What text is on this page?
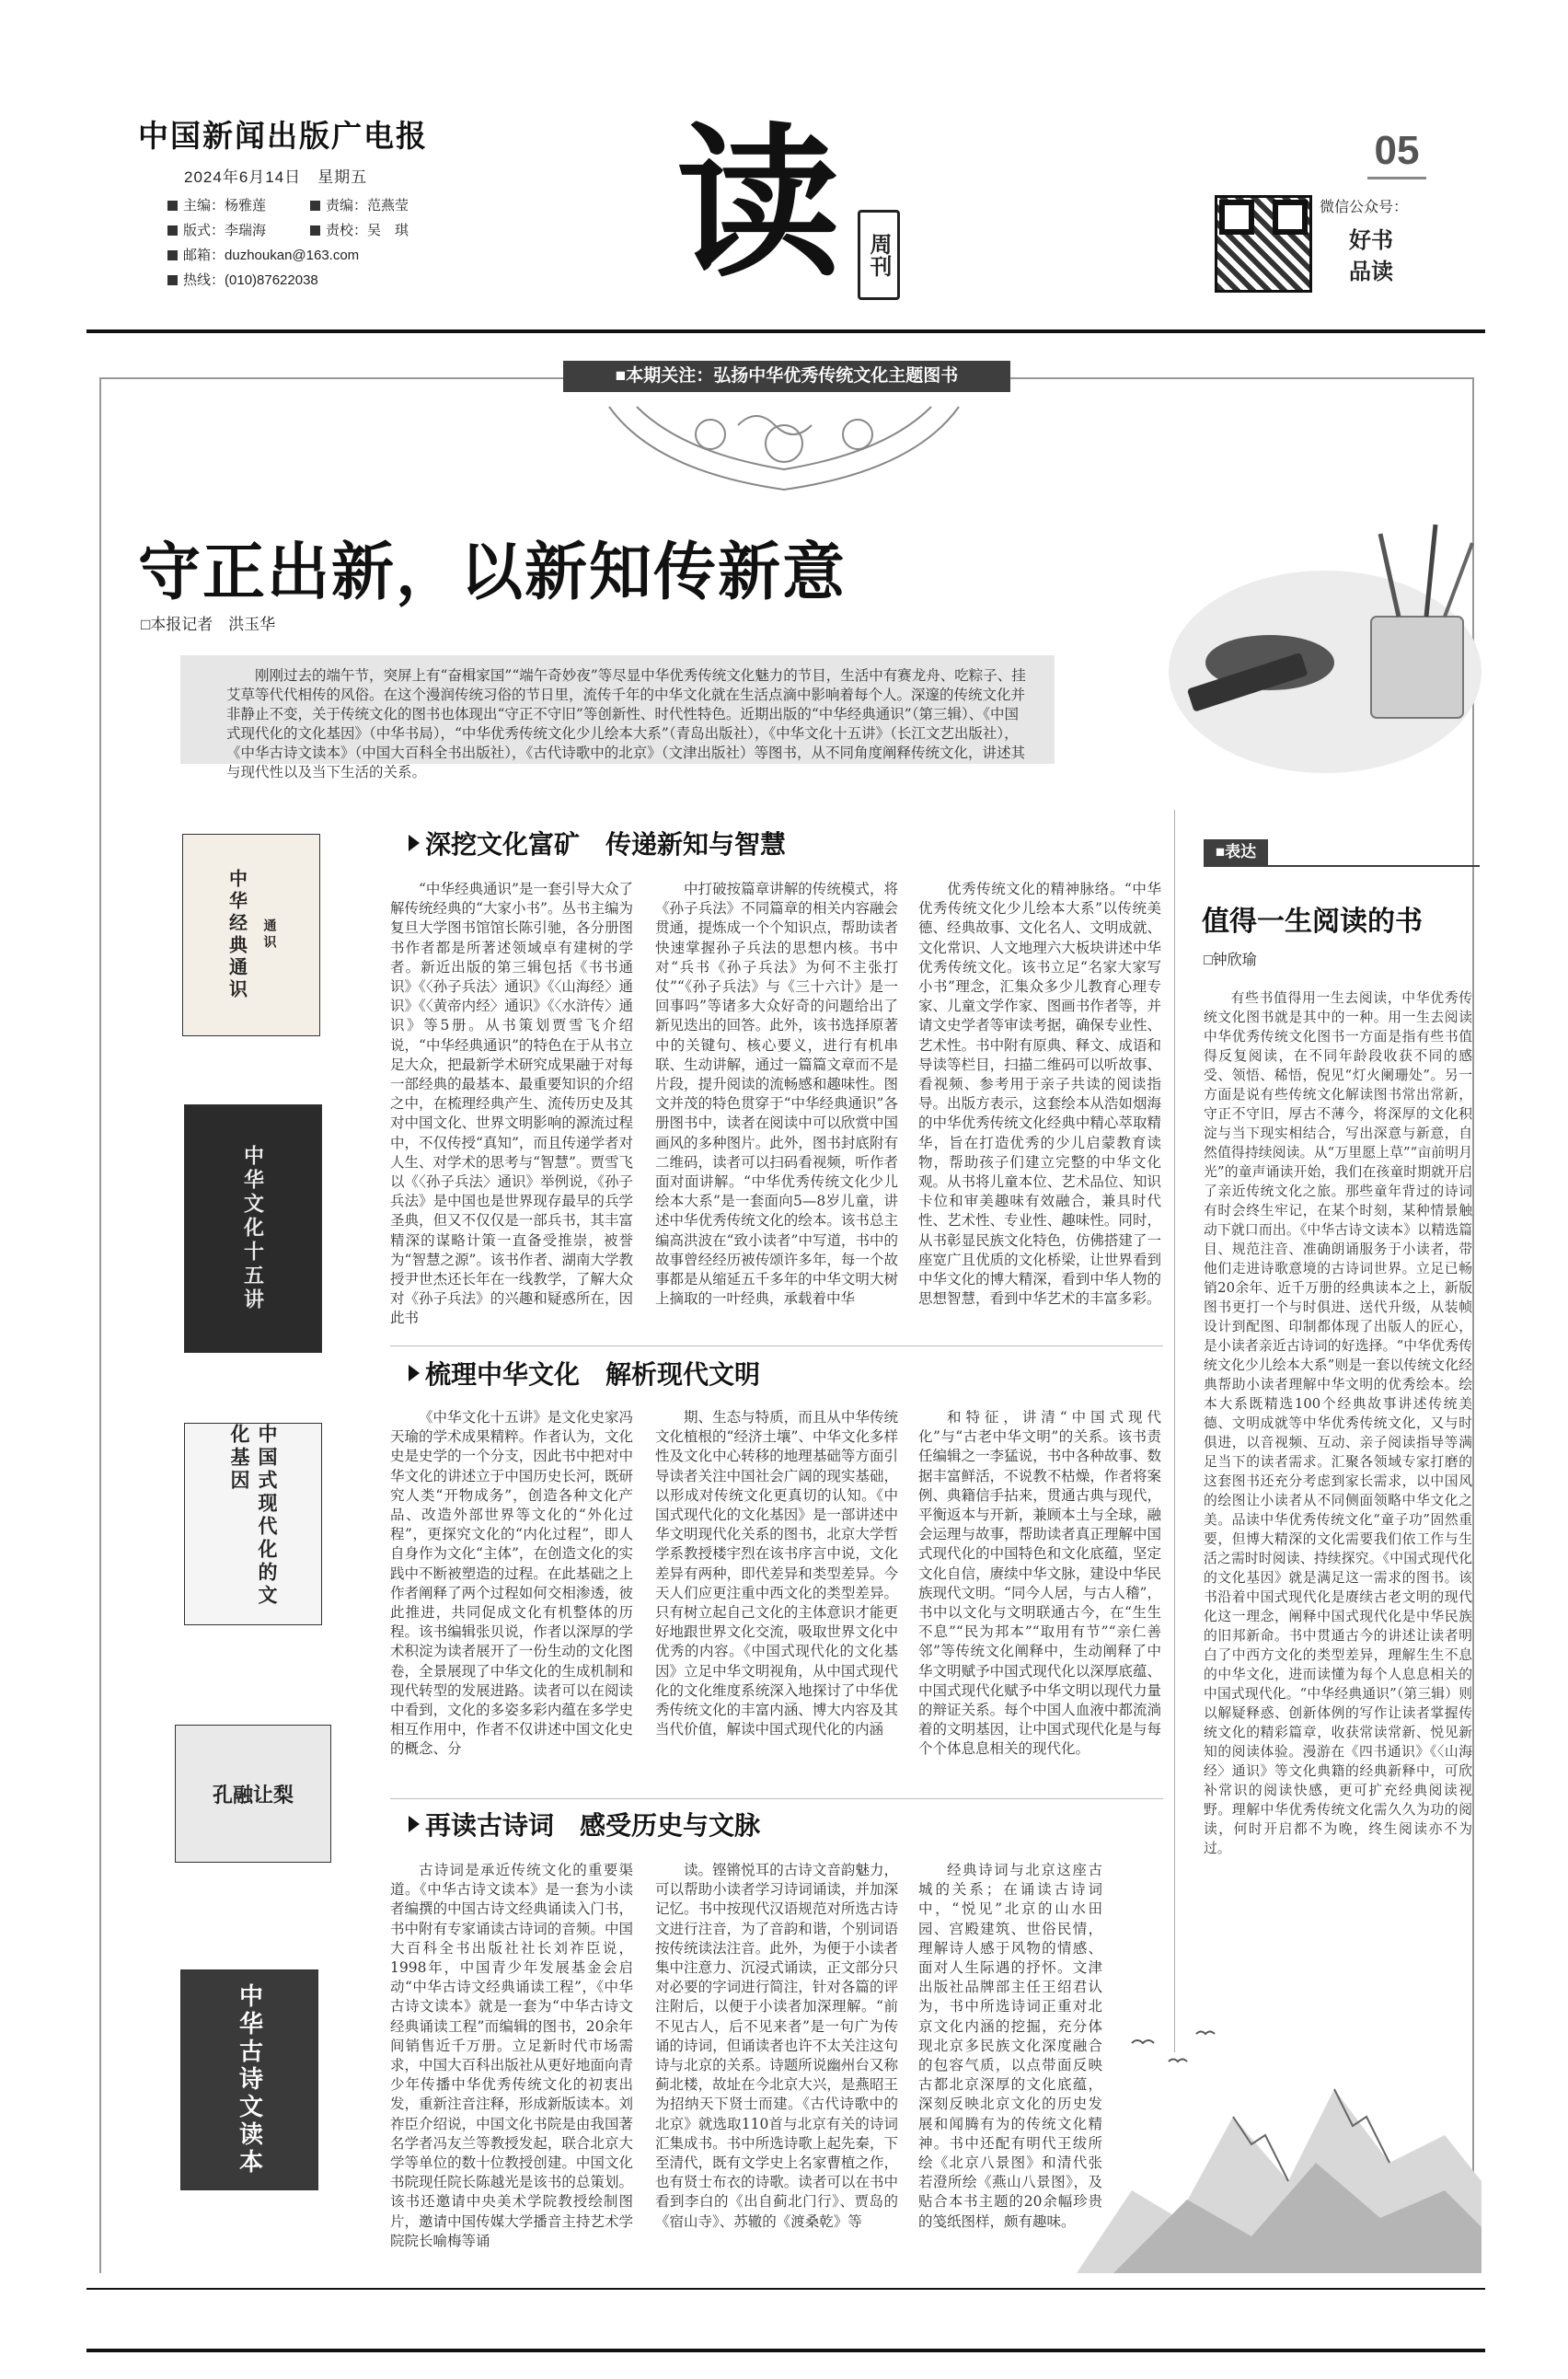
中国新闻出版广电报
2024年6月14日　星期五
主编：杨雅莲	责编：范燕莹
版式：李瑞海	责校：吴　琪
邮箱：duzhoukan@163.com
热线：(010)87622038	读	周刊
05
微信公众号：
好书品读
■本期关注：弘扬中华优秀传统文化主题图书
守正出新，以新知传新意
□本报记者　洪玉华
刚刚过去的端午节，突屏上有“奋楫家国”“端午奇妙夜”等尽显中华优秀传统文化魅力的节目，生活中有赛龙舟、吃粽子、挂艾草等代代相传的风俗。在这个漫润传统习俗的节日里，流传千年的中华文化就在生活点滴中影响着每个人。深邃的传统文化并非静止不变，关于传统文化的图书也体现出“守正不守旧”等创新性、时代性特色。近期出版的“中华经典通识”（第三辑）、《中国式现代化的文化基因》（中华书局），“中华优秀传统文化少儿绘本大系”（青岛出版社），《中华文化十五讲》（长江文艺出版社），《中华古诗文读本》（中国大百科全书出版社），《古代诗歌中的北京》（文津出版社）等图书，从不同角度阐释传统文化，讲述其与现代性以及当下生活的关系。
中华经典通识 通识
中华文化十五讲
中国式现代化的文化基因
孔融让梨
中华古诗文读本
深挖文化富矿　传递新知与智慧

“中华经典通识”是一套引导大众了解传统经典的“大家小书”。丛书主编为复旦大学图书馆馆长陈引驰，各分册图书作者都是所著述领域卓有建树的学者。新近出版的第三辑包括《书书通识》《〈孙子兵法〉通识》《〈山海经〉通识》《〈黄帝内经〉通识》《〈水浒传〉通识》等5册。从书策划贾雪飞介绍说，“中华经典通识”的特色在于从书立足大众，把最新学术研究成果融于对每一部经典的最基本、最重要知识的介绍之中，在梳理经典产生、流传历史及其对中国文化、世界文明影响的源流过程中，不仅传授“真知”，而且传递学者对人生、对学术的思考与“智慧”。贾雪飞以《〈孙子兵法〉通识》举例说，《孙子兵法》是中国也是世界现存最早的兵学圣典，但又不仅仅是一部兵书，其丰富精深的谋略计策一直备受推崇，被誉为“智慧之源”。该书作者、湖南大学教授尹世杰还长年在一线教学，了解大众对《孙子兵法》的兴趣和疑惑所在，因此书

中打破按篇章讲解的传统模式，将《孙子兵法》不同篇章的相关内容融会贯通，提炼成一个个知识点，帮助读者快速掌握孙子兵法的思想内核。书中对“兵书《孙子兵法》为何不主张打仗”“《孙子兵法》与《三十六计》是一回事吗”等诸多大众好奇的问题给出了新见迭出的回答。此外，该书选择原著中的关键句、核心要义，进行有机串联、生动讲解，通过一篇篇文章而不是片段，提升阅读的流畅感和趣味性。图文并茂的特色贯穿于“中华经典通识”各册图书中，读者在阅读中可以欣赏中国画风的多种图片。此外，图书封底附有二维码，读者可以扫码看视频，听作者面对面讲解。“中华优秀传统文化少儿绘本大系”是一套面向5—8岁儿童，讲述中华优秀传统文化的绘本。该书总主编高洪波在“致小读者”中写道，书中的故事曾经经历被传颂许多年，每一个故事都是从缩延五千多年的中华文明大树上摘取的一叶经典，承载着中华

优秀传统文化的精神脉络。“中华优秀传统文化少儿绘本大系”以传统美德、经典故事、文化名人、文明成就、文化常识、人文地理六大板块讲述中华优秀传统文化。该书立足“名家大家写小书”理念，汇集众多少儿教育心理专家、儿童文学作家、图画书作者等，并请文史学者等审读考据，确保专业性、艺术性。书中附有原典、释文、成语和导读等栏目，扫描二维码可以听故事、看视频、参考用于亲子共读的阅读指导。出版方表示，这套绘本从浩如烟海的中华优秀传统文化经典中精心萃取精华，旨在打造优秀的少儿启蒙教育读物，帮助孩子们建立完整的中华文化观。从书将儿童本位、艺术品位、知识卡位和审美趣味有效融合，兼具时代性、艺术性、专业性、趣味性。同时，从书彰显民族文化特色，仿佛搭建了一座宽广且优质的文化桥梁，让世界看到中华文化的博大精深，看到中华人物的思想智慧，看到中华艺术的丰富多彩。

梳理中华文化　解析现代文明

《中华文化十五讲》是文化史家冯天瑜的学术成果精粹。作者认为，文化史是史学的一个分支，因此书中把对中华文化的讲述立于中国历史长河，既研究人类“开物成务”，创造各种文化产品、改造外部世界等文化的“外化过程”，更探究文化的“内化过程”，即人自身作为文化“主体”，在创造文化的实践中不断被塑造的过程。在此基础之上作者阐释了两个过程如何交相渗透，彼此推进，共同促成文化有机整体的历程。该书编辑张贝说，作者以深厚的学术积淀为读者展开了一份生动的文化图卷，全景展现了中华文化的生成机制和现代转型的发展进路。读者可以在阅读中看到，文化的多姿多彩内蕴在多学史相互作用中，作者不仅讲述中国文化史的概念、分

期、生态与特质，而且从中华传统文化植根的“经济土壤”、中华文化多样性及文化中心转移的地理基础等方面引导读者关注中国社会广阔的现实基础，以形成对传统文化更真切的认知。《中国式现代化的文化基因》是一部讲述中华文明现代化关系的图书，北京大学哲学系教授楼宇烈在该书序言中说，文化差异有两种，即代差异和类型差异。今天人们应更注重中西文化的类型差异。只有树立起自己文化的主体意识才能更好地跟世界文化交流，吸取世界文化中优秀的内容。《中国式现代化的文化基因》立足中华文明视角，从中国式现代化的文化维度系统深入地探讨了中华优秀传统文化的丰富内涵、博大内容及其当代价值，解读中国式现代化的内涵

和特征，讲清“中国式现代化”与“古老中华文明”的关系。该书责任编辑之一李猛说，书中各种故事、数据丰富鲜活，不说教不枯燥，作者将案例、典籍信手拈来，贯通古典与现代，平衡返本与开新，兼顾本土与全球，融会运理与故事，帮助读者真正理解中国式现代化的中国特色和文化底蕴，坚定文化自信，赓续中华文脉，建设中华民族现代文明。“同今人居，与古人稽”，书中以文化与文明联通古今，在“生生不息”“民为邦本”“取用有节”“亲仁善邻”等传统文化阐释中，生动阐释了中华文明赋予中国式现代化以深厚底蕴、中国式现代化赋予中华文明以现代力量的辩证关系。每个中国人血液中都流淌着的文明基因，让中国式现代化是与每个个体息息相关的现代化。

再读古诗词　感受历史与文脉

古诗词是承近传统文化的重要渠道。《中华古诗文读本》是一套为小读者编撰的中国古诗文经典诵读入门书，书中附有专家诵读古诗词的音频。中国大百科全书出版社社长刘祚臣说，1998年，中国青少年发展基金会启动“中华古诗文经典诵读工程”，《中华古诗文读本》就是一套为“中华古诗文经典诵读工程”而编辑的图书，20余年间销售近千万册。立足新时代市场需求，中国大百科出版社从更好地面向青少年传播中华优秀传统文化的初衷出发，重新注音注释，形成新版读本。刘祚臣介绍说，中国文化书院是由我国著名学者冯友兰等教授发起，联合北京大学等单位的数十位教授创建。中国文化书院现任院长陈越光是该书的总策划。该书还邀请中央美术学院教授绘制图片，邀请中国传媒大学播音主持艺术学院院长喻梅等诵

读。铿锵悦耳的古诗文音韵魅力，可以帮助小读者学习诗词诵读，并加深记忆。书中按现代汉语规范对所选古诗文进行注音，为了音韵和谐，个别词语按传统读法注音。此外，为便于小读者集中注意力、沉浸式诵读，正文部分只对必要的字词进行简注，针对各篇的评注附后，以便于小读者加深理解。“前不见古人，后不见来者”是一句广为传诵的诗词，但诵读者也许不太关注这句诗与北京的关系。诗题所说幽州台又称蓟北楼，故址在今北京大兴，是燕昭王为招纳天下贤士而建。《古代诗歌中的北京》就选取110首与北京有关的诗词汇集成书。书中所选诗歌上起先秦，下至清代，既有文学史上名家曹植之作，也有贤士布衣的诗歌。读者可以在书中看到李白的《出自蓟北门行》、贾岛的《宿山寺》、苏辙的《渡桑乾》等

经典诗词与北京这座古城的关系；在诵读古诗词中，“悦见”北京的山水田园、宫殿建筑、世俗民情，理解诗人感于风物的情感、面对人生际遇的抒怀。文津出版社品牌部主任王绍君认为，书中所选诗词正重对北京文化内涵的挖掘，充分体现北京多民族文化深度融合的包容气质，以点带面反映古都北京深厚的文化底蕴，深刻反映北京文化的历史发展和闻腾有为的传统文化精神。书中还配有明代王绂所绘《北京八景图》和清代张若澄所绘《燕山八景图》，及贴合本书主题的20余幅珍贵的笺纸图样，颇有趣味。

■表达
值得一生阅读的书
□钟欣瑜

有些书值得用一生去阅读，中华优秀传统文化图书就是其中的一种。用一生去阅读中华优秀传统文化图书一方面是指有些书值得反复阅读，在不同年龄段收获不同的感受、领悟、稀悟，倪见“灯火阑珊处”。另一方面是说有些传统文化解读图书常出常新，守正不守旧，厚古不薄今，将深厚的文化积淀与当下现实相结合，写出深意与新意，自然值得持续阅读。从“万里愿上草”“亩前明月光”的童声诵读开始，我们在孩童时期就开启了亲近传统文化之旅。那些童年背过的诗词有时会终生牢记，在某个时刻，某种情景触动下就口而出。《中华古诗文读本》以精选篇目、规范注音、准确朗诵服务于小读者，带他们走进诗歌意境的古诗词世界。立足已畅销20余年、近千万册的经典读本之上，新版图书更打一个与时俱进、送代升级，从装帧设计到配图、印制都体现了出版人的匠心，是小读者亲近古诗词的好选择。“中华优秀传统文化少儿绘本大系”则是一套以传统文化经典帮助小读者理解中华文明的优秀绘本。绘本大系既精选100个经典故事讲述传统美德、文明成就等中华优秀传统文化，又与时俱进，以音视频、互动、亲子阅读指导等满足当下的读者需求。汇聚各领域专家打磨的这套图书还充分考虑到家长需求，以中国风的绘图让小读者从不同侧面领略中华文化之美。品读中华优秀传统文化“童子功”固然重要，但博大精深的文化需要我们依工作与生活之需时时阅读、持续探究。《中国式现代化的文化基因》就是满足这一需求的图书。该书沿着中国式现代化是赓续古老文明的现代化这一理念，阐释中国式现代化是中华民族的旧邦新命。书中贯通古今的讲述让读者明白了中西方文化的类型差异，理解生生不息的中华文化，进而读懂为每个人息息相关的中国式现代化。“中华经典通识”（第三辑）则以解疑释惑、创新体例的写作让读者掌握传统文化的精彩篇章，收获常读常新、悦见新知的阅读体验。漫游在《四书通识》《〈山海经〉通识》等文化典籍的经典新释中，可欣补常识的阅读快感，更可扩充经典阅读视野。理解中华优秀传统文化需久久为功的阅读，何时开启都不为晚，终生阅读亦不为过。
